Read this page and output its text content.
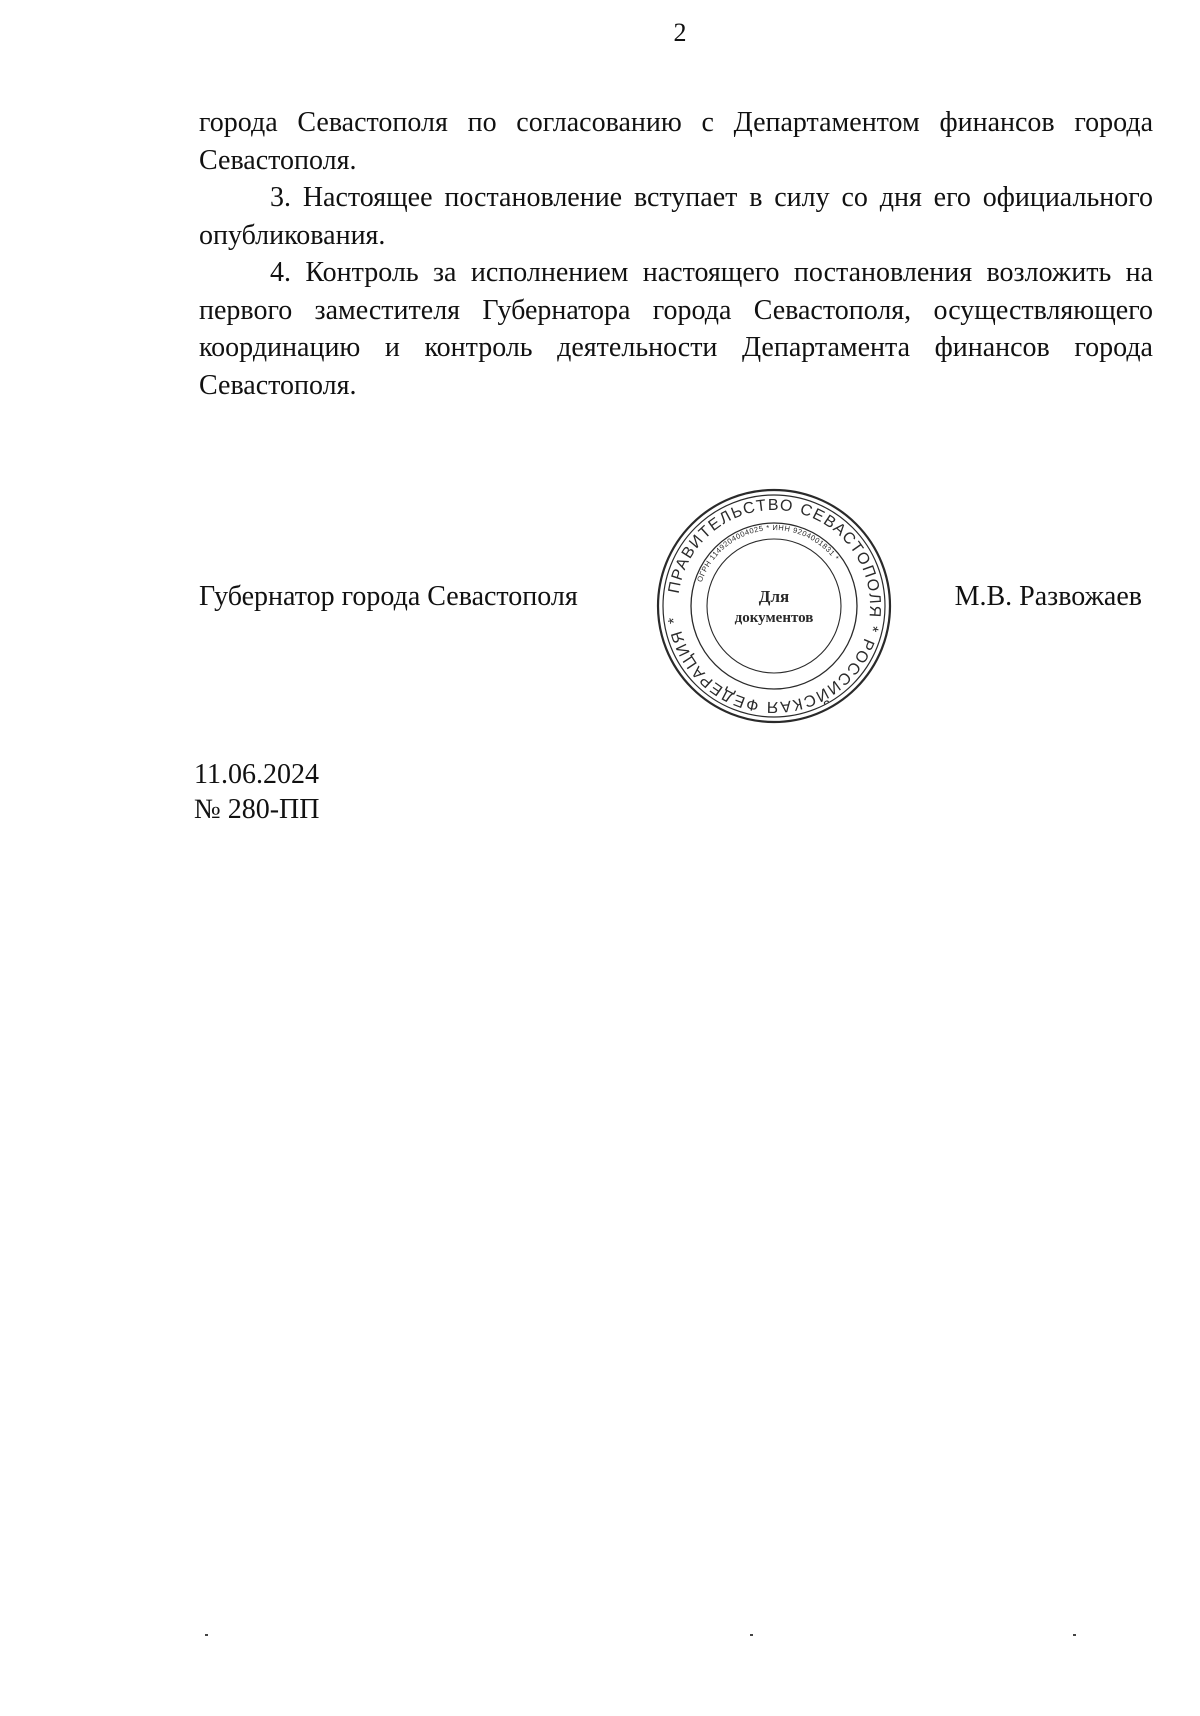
2

города Севастополя по согласованию с Департаментом финансов города Севастополя.

3. Настоящее постановление вступает в силу со дня его официального опубликования.

4. Контроль за исполнением настоящего постановления возложить на первого заместителя Губернатора города Севастополя, осуществляющего координацию и контроль деятельности Департамента финансов города Севастополя.

Губернатор города Севастополя	М.В. Развожаев
ПРАВИТЕЛЬСТВО СЕВАСТОПОЛЯ * РОССИЙСКАЯ ФЕДЕРАЦИЯ *
ОГРН 1149204004025 * ИНН 9204001831 *
Для
документов
11.06.2024
№ 280-ПП
